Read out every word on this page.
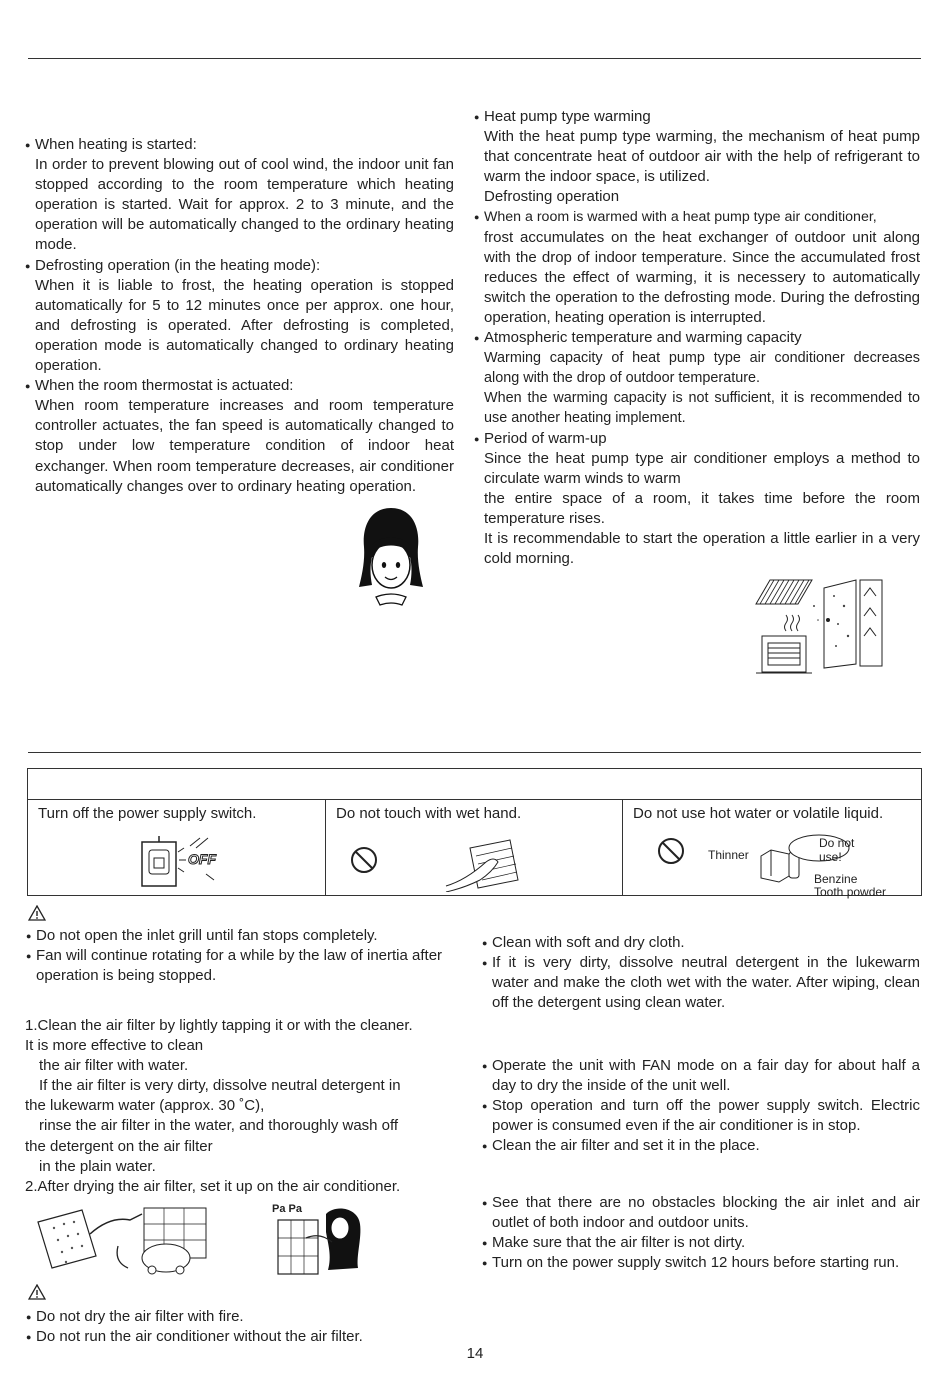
● When heating is started:

In order to prevent blowing out of cool wind, the indoor unit fan stopped according to the room temperature which heating operation is started. Wait for approx. 2 to 3 minute, and the operation will be automatically changed to the ordinary heating mode.

● Defrosting operation (in the heating mode):

When it is liable to frost, the heating operation is stopped automatically for 5 to 12 minutes once per approx. one hour, and defrosting is operated. After defrosting is completed, operation mode is automatically changed to ordinary heating operation.

● When the room thermostat is actuated:

When room temperature increases and room temperature controller actuates, the fan speed is automatically changed to stop under low temperature condition of indoor heat exchanger. When room temperature decreases, air conditioner automatically changes over to ordinary heating operation.

● Heat pump type warming

With the heat pump type warming, the mechanism of heat pump that concentrate heat of outdoor air with the help of refrigerant to warm the indoor space, is utilized.

Defrosting operation

● When a room is warmed with a heat pump type air conditioner,

frost accumulates on the heat exchanger of outdoor unit along with the drop of indoor temperature. Since the accumulated frost reduces the effect of warming, it is necessery to automatically switch the operation to the defrosting mode. During the defrosting operation, heating operation is interrupted.

● Atmospheric temperature and warming capacity

Warming capacity of heat pump type air conditioner decreases along with the drop of outdoor temperature.

When the warming capacity is not sufficient, it is recommended to use another heating implement.

● Period of warm-up

Since the heat pump type air conditioner employs a method to circulate warm winds to warm

the entire space of a room, it takes time before the room temperature rises.

It is recommendable to start the operation a little earlier in a very cold morning.

Turn off the power supply switch.
OFF
Do not touch with wet hand.	Do not use hot water or volatile liquid.
Thinner
Do not use!
Benzine
Tooth powder
● Do not open the inlet grill until fan stops completely.
● Fan will continue rotating for a while by the law of inertia after operation is being stopped.

1.Clean the air filter by lightly tapping it or with the cleaner.

It is more effective to clean

the air filter with water.

If the air filter is very dirty, dissolve neutral detergent in

the lukewarm water (approx. 30 ˚C),

rinse the air filter in the water, and thoroughly wash off

the detergent on the air filter

in the plain water.

2.After drying the air filter, set it up on the air conditioner.

Pa Pa
● Do not dry the air filter with fire.
● Do not run the air conditioner without the air filter.
● Clean with soft and dry cloth.
● If it is very dirty, dissolve neutral detergent in the lukewarm water and make the cloth wet with the water. After wiping, clean off the detergent using clean water.
● Operate the unit with FAN mode on a fair day for about half a day to dry the inside of the unit well.
● Stop operation and turn off the power supply switch. Electric power is consumed even if the air conditioner is in stop.
● Clean the air filter and set it in the place.
● See that there are no obstacles blocking the air inlet and air outlet of both indoor and outdoor units.
● Make sure that the air filter is not dirty.
● Turn on the power supply switch 12 hours before starting run.
14
